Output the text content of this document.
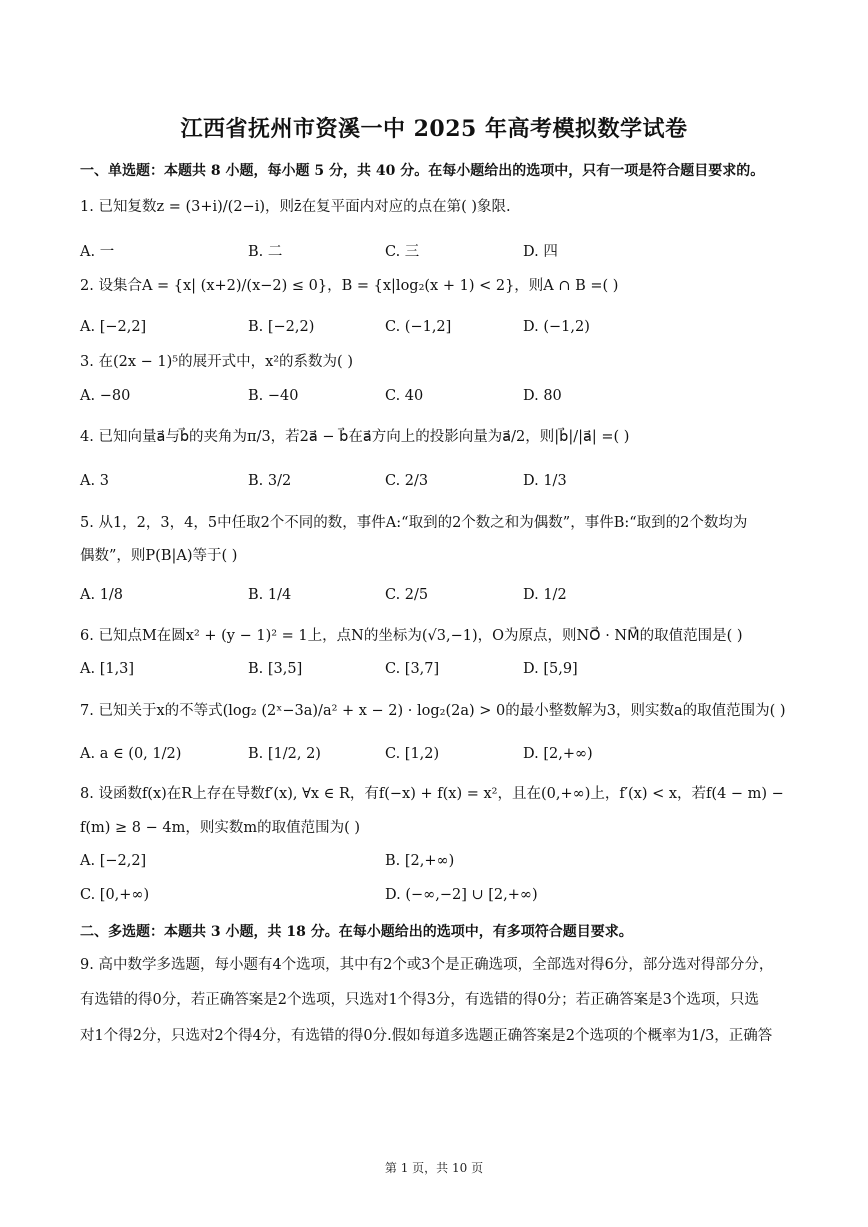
江西省抚州市资溪一中 2025 年高考模拟数学试卷
一、单选题：本题共 8 小题，每小题 5 分，共 40 分。在每小题给出的选项中，只有一项是符合题目要求的。
1. 已知复数z = (3+i)/(2−i)，则z̄在复平面内对应的点在第( )象限.
A. 一	B. 二	C. 三	D. 四
2. 设集合A = {x| (x+2)/(x−2) ≤ 0}，B = {x|log₂(x + 1) < 2}，则A ∩ B =( )
A. [−2,2]	B. [−2,2)	C. (−1,2]	D. (−1,2)
3. 在(2x − 1)⁵的展开式中，x²的系数为( )
A. −80	B. −40	C. 40	D. 80
4. 已知向量a⃗与b⃗的夹角为π/3，若2a⃗ − b⃗在a⃗方向上的投影向量为a⃗/2，则|b⃗|/|a⃗| =( )
A. 3	B. 3/2	C. 2/3	D. 1/3
5. 从1，2，3，4，5中任取2个不同的数，事件A:“取到的2个数之和为偶数”，事件B:“取到的2个数均为
偶数”，则P(B|A)等于( )
A. 1/8	B. 1/4	C. 2/5	D. 1/2
6. 已知点M在圆x² + (y − 1)² = 1上，点N的坐标为(√3,−1)，O为原点，则NO⃗ · NM⃗的取值范围是( )
A. [1,3]	B. [3,5]	C. [3,7]	D. [5,9]
7. 已知关于x的不等式(log₂ (2ˣ−3a)/a² + x − 2) · log₂(2a) > 0的最小整数解为3，则实数a的取值范围为( )
A. a ∈ (0, 1/2)	B. [1/2, 2)	C. [1,2)	D. [2,+∞)
8. 设函数f(x)在R上存在导数f′(x), ∀x ∈ R，有f(−x) + f(x) = x²，且在(0,+∞)上，f′(x) < x，若f(4 − m) −
f(m) ≥ 8 − 4m，则实数m的取值范围为( )
A. [−2,2]	B. [2,+∞)
C. [0,+∞)	D. (−∞,−2] ∪ [2,+∞)
二、多选题：本题共 3 小题，共 18 分。在每小题给出的选项中，有多项符合题目要求。
9. 高中数学多选题，每小题有4个选项，其中有2个或3个是正确选项，全部选对得6分，部分选对得部分分，
有选错的得0分，若正确答案是2个选项，只选对1个得3分，有选错的得0分；若正确答案是3个选项，只选
对1个得2分，只选对2个得4分，有选错的得0分.假如每道多选题正确答案是2个选项的个概率为1/3，正确答
第 1 页，共 10 页
